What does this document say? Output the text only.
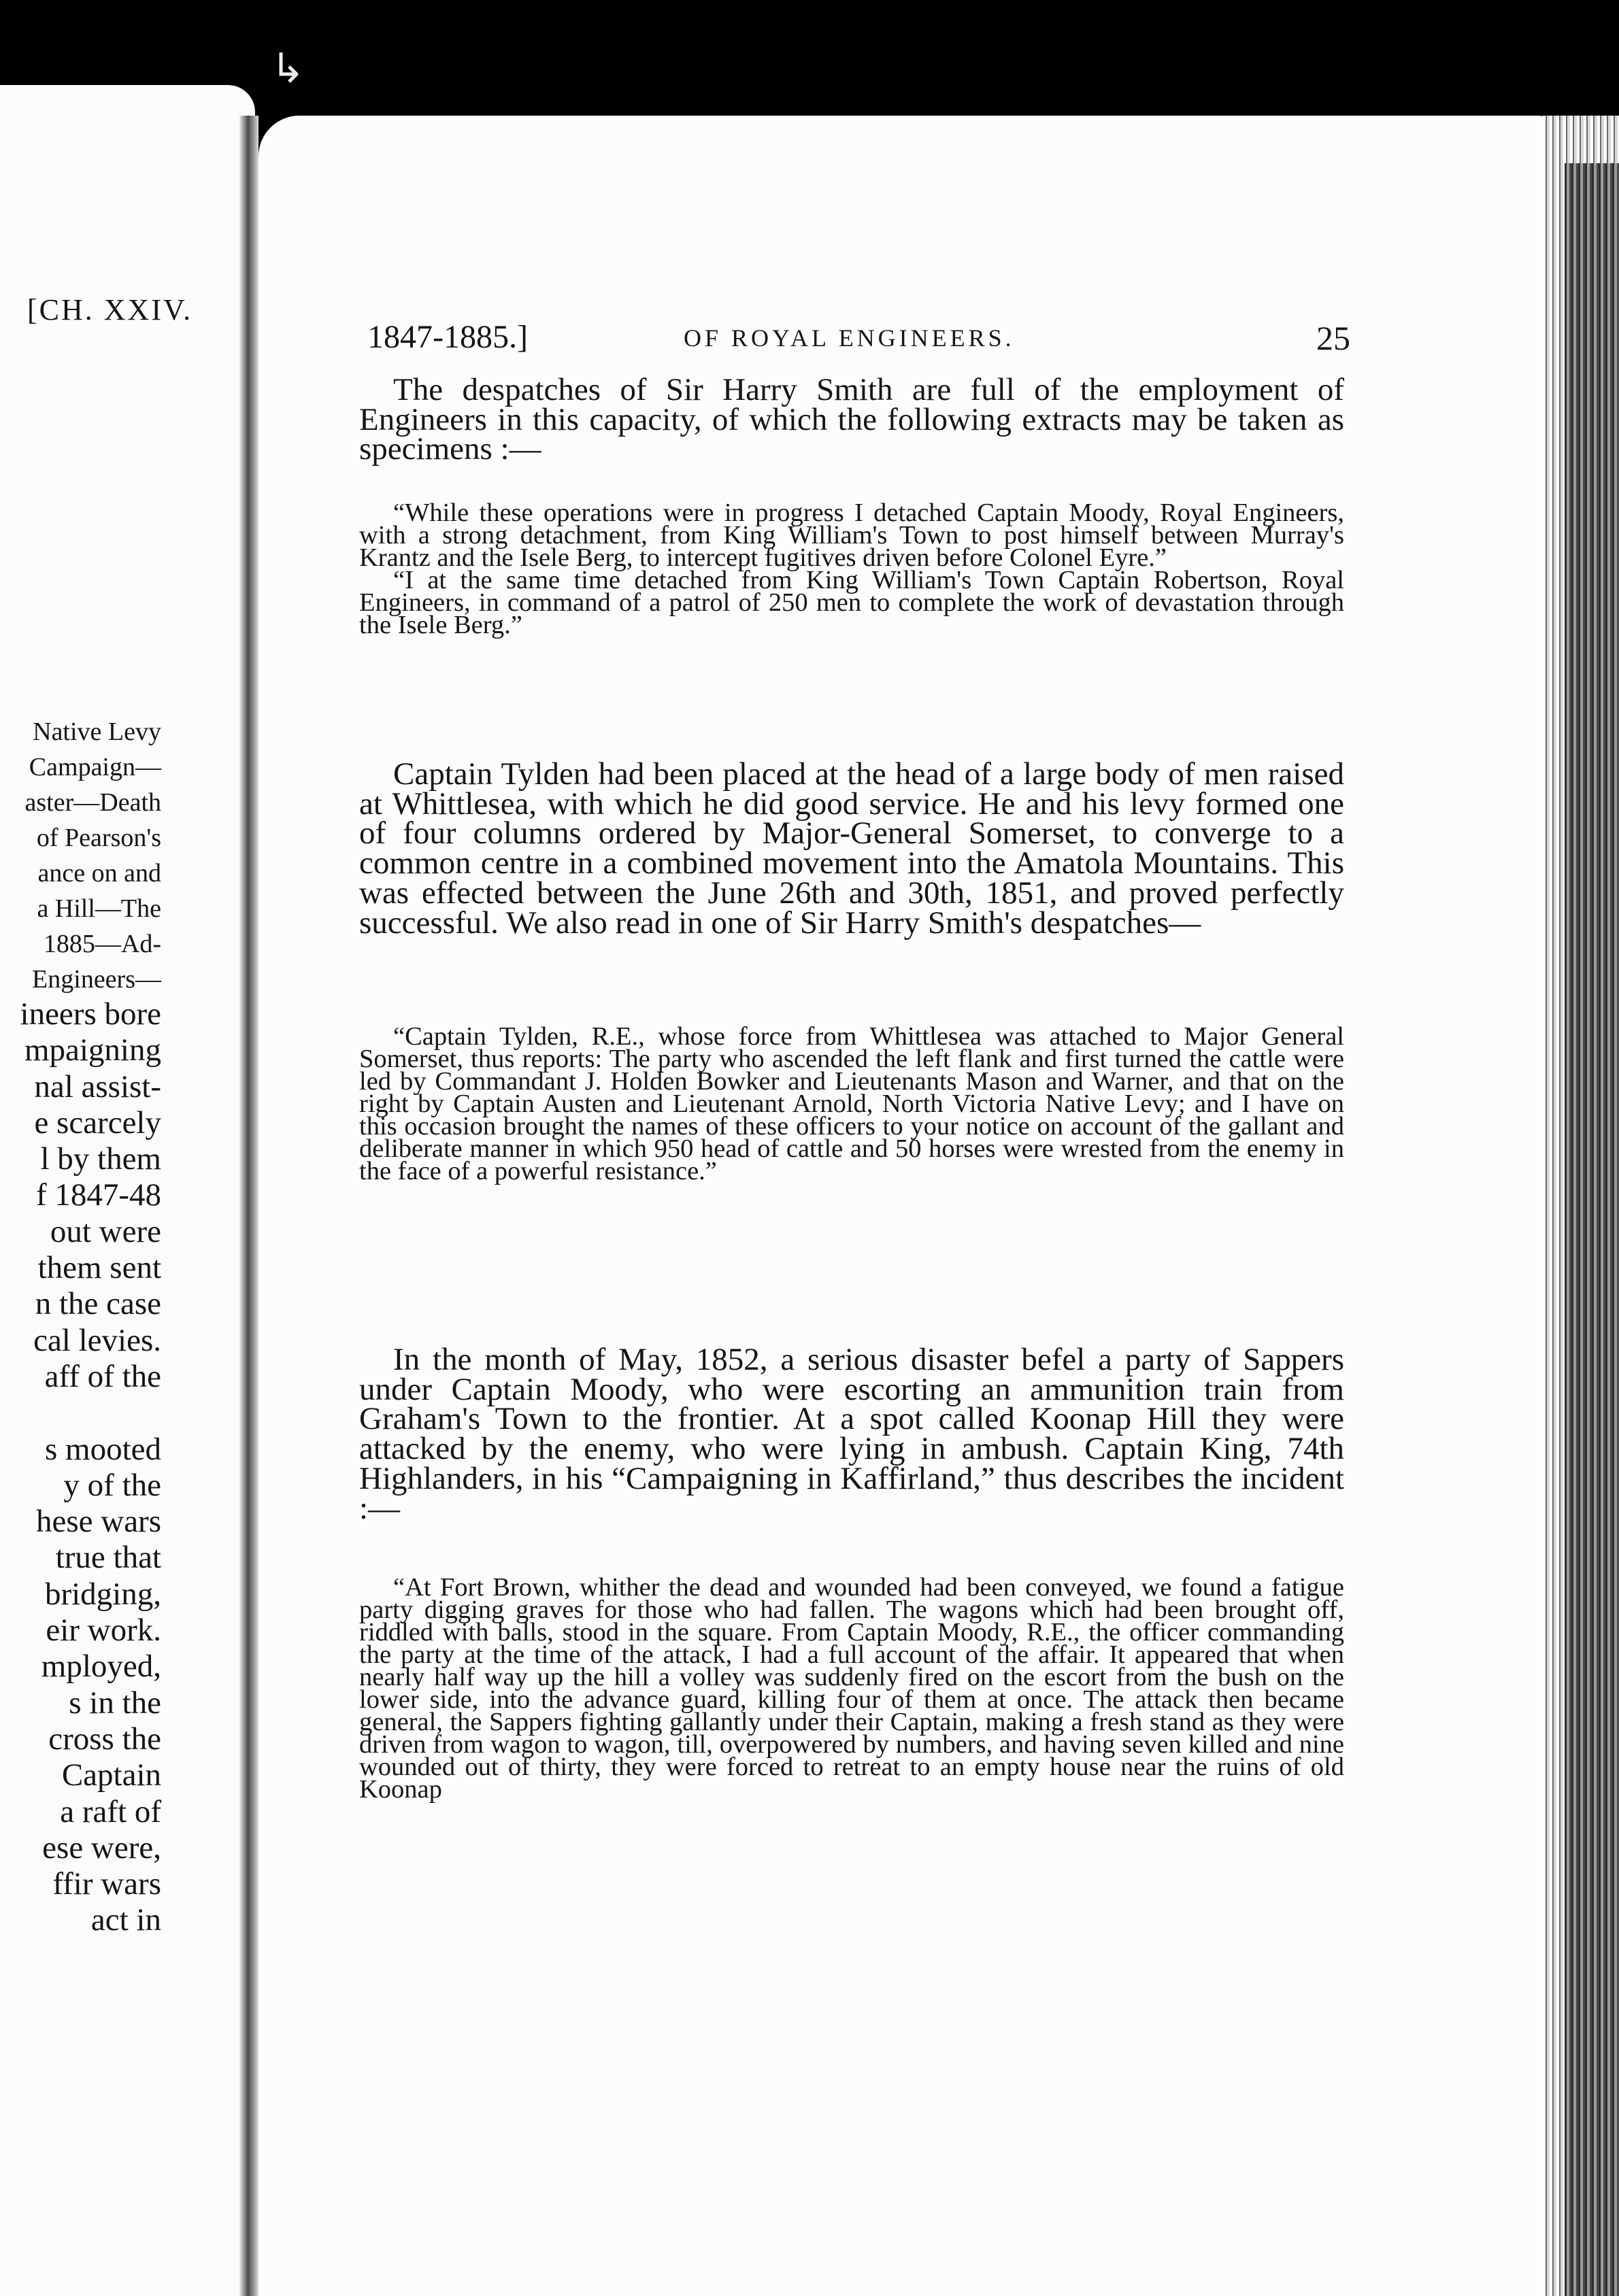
↳
[CH. XXIV.
Native Levy
Campaign—
aster—Death
of Pearson's
ance on and
a Hill—The
1885—Ad-
Engineers—
ineers bore
mpaigning
nal assist-
e scarcely
l by them
f 1847-48
out were
them sent
n the case
cal levies.
aff of the

s mooted
y of the
hese wars
true that
bridging,
eir work.
mployed,
s in the
cross the
Captain
a raft of
ese were,
ffir wars
act in
1847-1885.]	OF ROYAL ENGINEERS.	25

The despatches of Sir Harry Smith are full of the employment of Engineers in this capacity, of which the following extracts may be taken as specimens :—

“While these operations were in progress I detached Captain Moody, Royal Engineers, with a strong detachment, from King William's Town to post himself between Murray's Krantz and the Isele Berg, to intercept fugitives driven before Colonel Eyre.”

“I at the same time detached from King William's Town Captain Robertson, Royal Engineers, in command of a patrol of 250 men to complete the work of devastation through the Isele Berg.”

Captain Tylden had been placed at the head of a large body of men raised at Whittlesea, with which he did good service. He and his levy formed one of four columns ordered by Major-General Somerset, to converge to a common centre in a combined movement into the Amatola Mountains. This was effected between the June 26th and 30th, 1851, and proved perfectly successful. We also read in one of Sir Harry Smith's despatches—

“Captain Tylden, R.E., whose force from Whittlesea was attached to Major General Somerset, thus reports: The party who ascended the left flank and first turned the cattle were led by Commandant J. Holden Bowker and Lieutenants Mason and Warner, and that on the right by Captain Austen and Lieutenant Arnold, North Victoria Native Levy; and I have on this occasion brought the names of these officers to your notice on account of the gallant and deliberate manner in which 950 head of cattle and 50 horses were wrested from the enemy in the face of a powerful resistance.”

In the month of May, 1852, a serious disaster befel a party of Sappers under Captain Moody, who were escorting an ammunition train from Graham's Town to the frontier. At a spot called Koonap Hill they were attacked by the enemy, who were lying in ambush. Captain King, 74th Highlanders, in his “Campaigning in Kaffirland,” thus describes the incident :—

“At Fort Brown, whither the dead and wounded had been conveyed, we found a fatigue party digging graves for those who had fallen. The wagons which had been brought off, riddled with balls, stood in the square. From Captain Moody, R.E., the officer commanding the party at the time of the attack, I had a full account of the affair. It appeared that when nearly half way up the hill a volley was suddenly fired on the escort from the bush on the lower side, into the advance guard, killing four of them at once. The attack then became general, the Sappers fighting gallantly under their Captain, making a fresh stand as they were driven from wagon to wagon, till, overpowered by numbers, and having seven killed and nine wounded out of thirty, they were forced to retreat to an empty house near the ruins of old Koonap
